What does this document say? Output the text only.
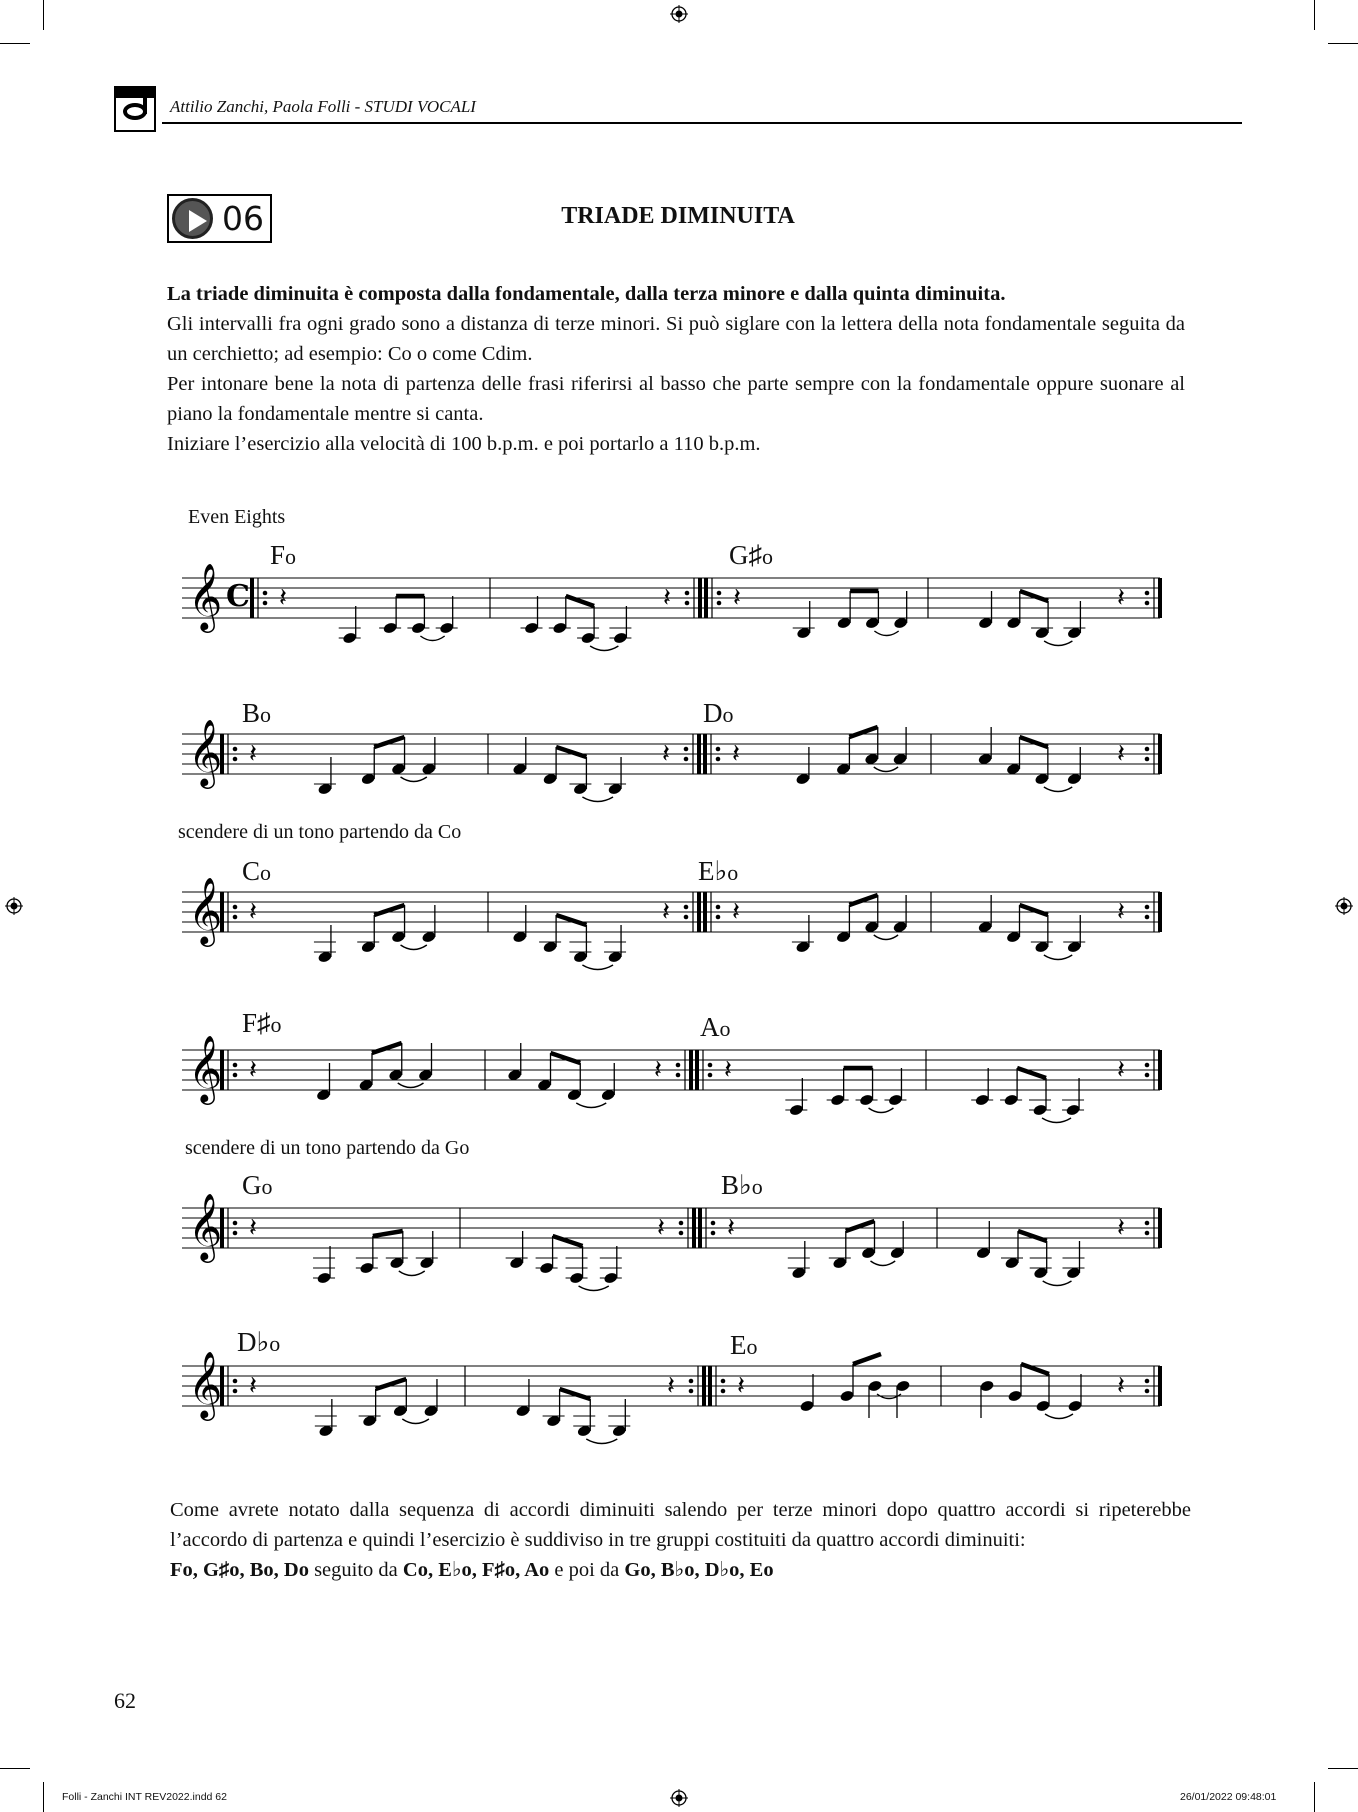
Attilio Zanchi, Paola Folli - STUDI VOCALI
06	TRIADE DIMINUITA
La triade diminuita è composta dalla fondamentale, dalla terza minore e dalla quinta diminuita.
Gli intervalli fra ogni grado sono a distanza di terze minori. Si può siglare con la lettera della nota fondamentale seguita da un cerchietto; ad esempio: Co o come Cdim.
Per intonare bene la nota di partenza delle frasi riferirsi al basso che parte sempre con la fondamentale oppure suonare al piano la fondamentale mentre si canta.
Iniziare l’esercizio alla velocità di 100 b.p.m. e poi portarlo a 110 b.p.m.
Even Eights
scendere di un tono partendo da Co
scendere di un tono partendo da Go
Fo	G♯o
Bo	Do
Co	E♭o
F♯o	Ao
Go	B♭o
D♭o	Eo
𝄞 C 𝄽	𝄽 𝄽	𝄽
𝄞 𝄽	𝄽 𝄽	𝄽
𝄞 𝄽	𝄽 𝄽	𝄽
𝄞 𝄽	𝄽 𝄽	𝄽
𝄞 𝄽	𝄽 𝄽	𝄽
𝄞 𝄽	𝄽 𝄽	𝄽
Come avrete notato dalla sequenza di accordi diminuiti salendo per terze minori dopo quattro accordi si ripeterebbe l’accordo di partenza e quindi l’esercizio è suddiviso in tre gruppi costituiti da quattro accordi diminuiti:
Fo, G♯o, Bo, Do seguito da Co, E♭o, F♯o, Ao e poi da Go, B♭o, D♭o, Eo
62
Folli - Zanchi INT REV2022.indd 62	26/01/2022 09:48:01
